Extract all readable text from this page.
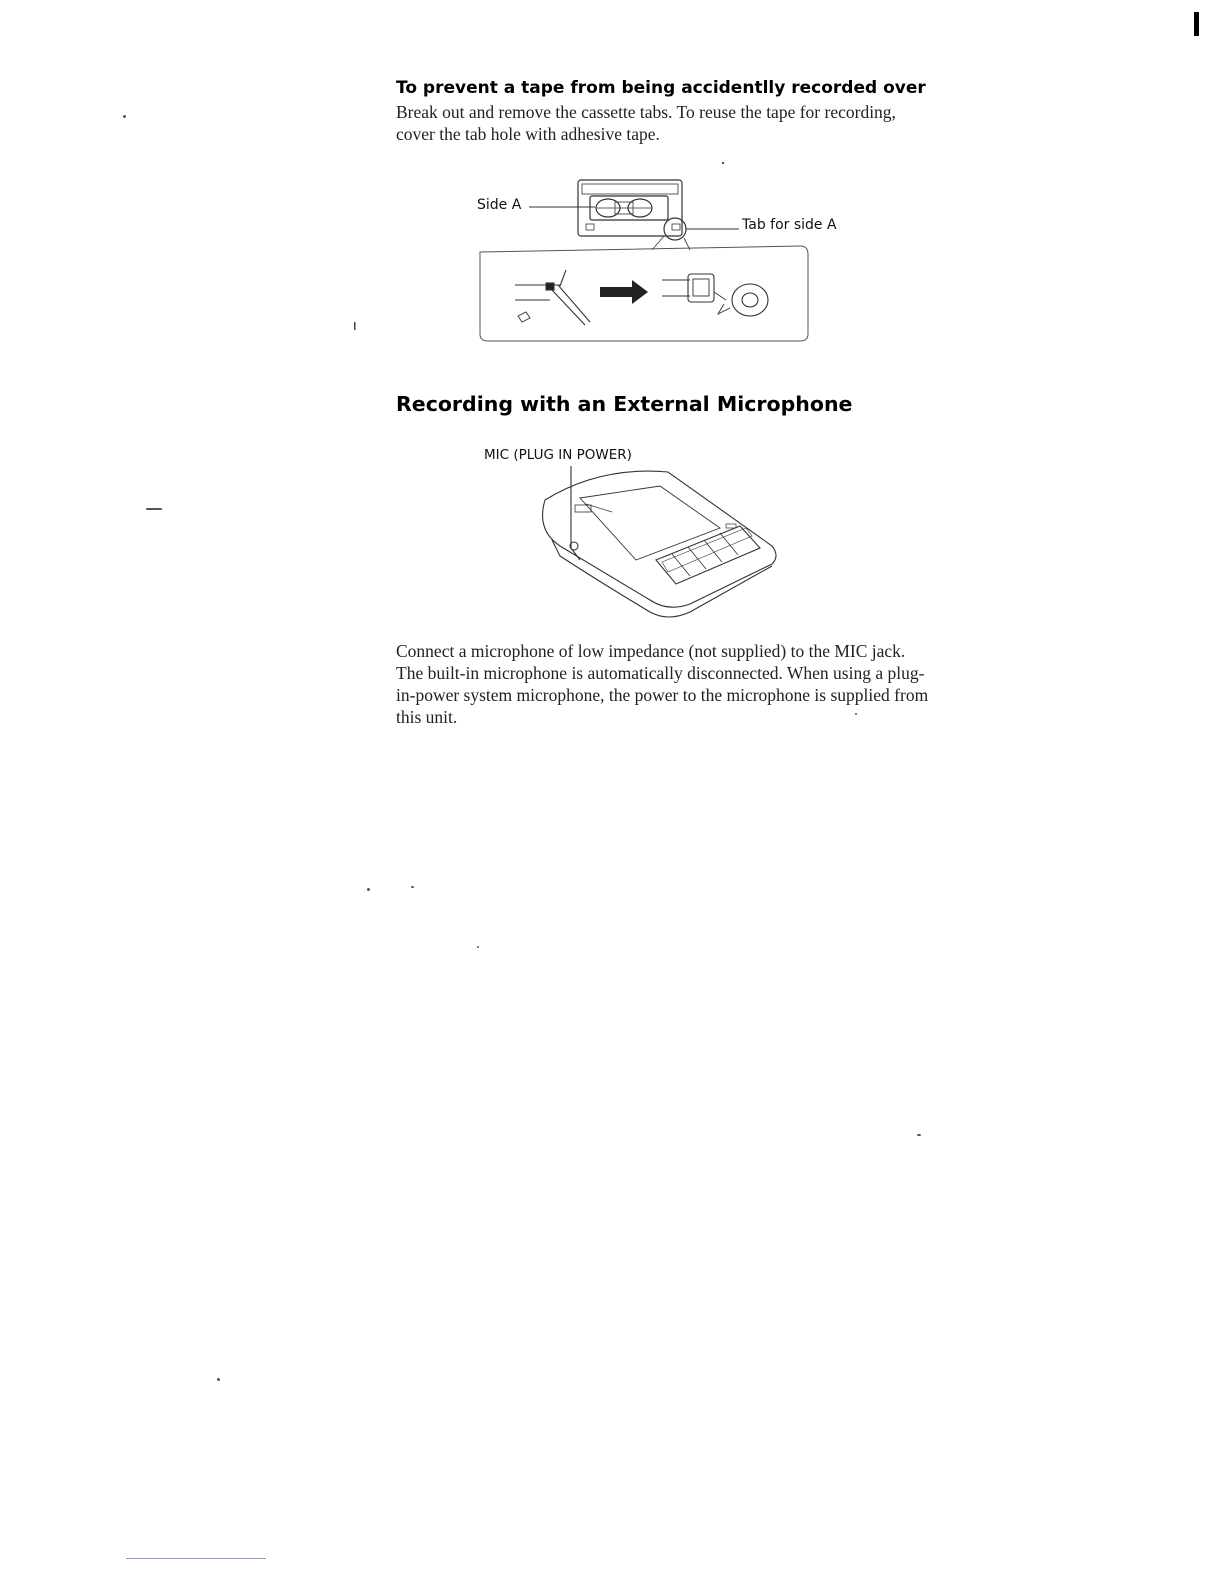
To prevent a tape from being accidentlly recorded over
Break out and remove the cassette tabs. To reuse the tape for recording, cover the tab hole with adhesive tape.
Side A
Tab for side A
Recording with an External Microphone
MIC (PLUG IN POWER)
Connect a microphone of low impedance (not supplied) to the MIC jack. The built-in microphone is automatically disconnected. When using a plug-in-power system microphone, the power to the microphone is supplied from this unit.
